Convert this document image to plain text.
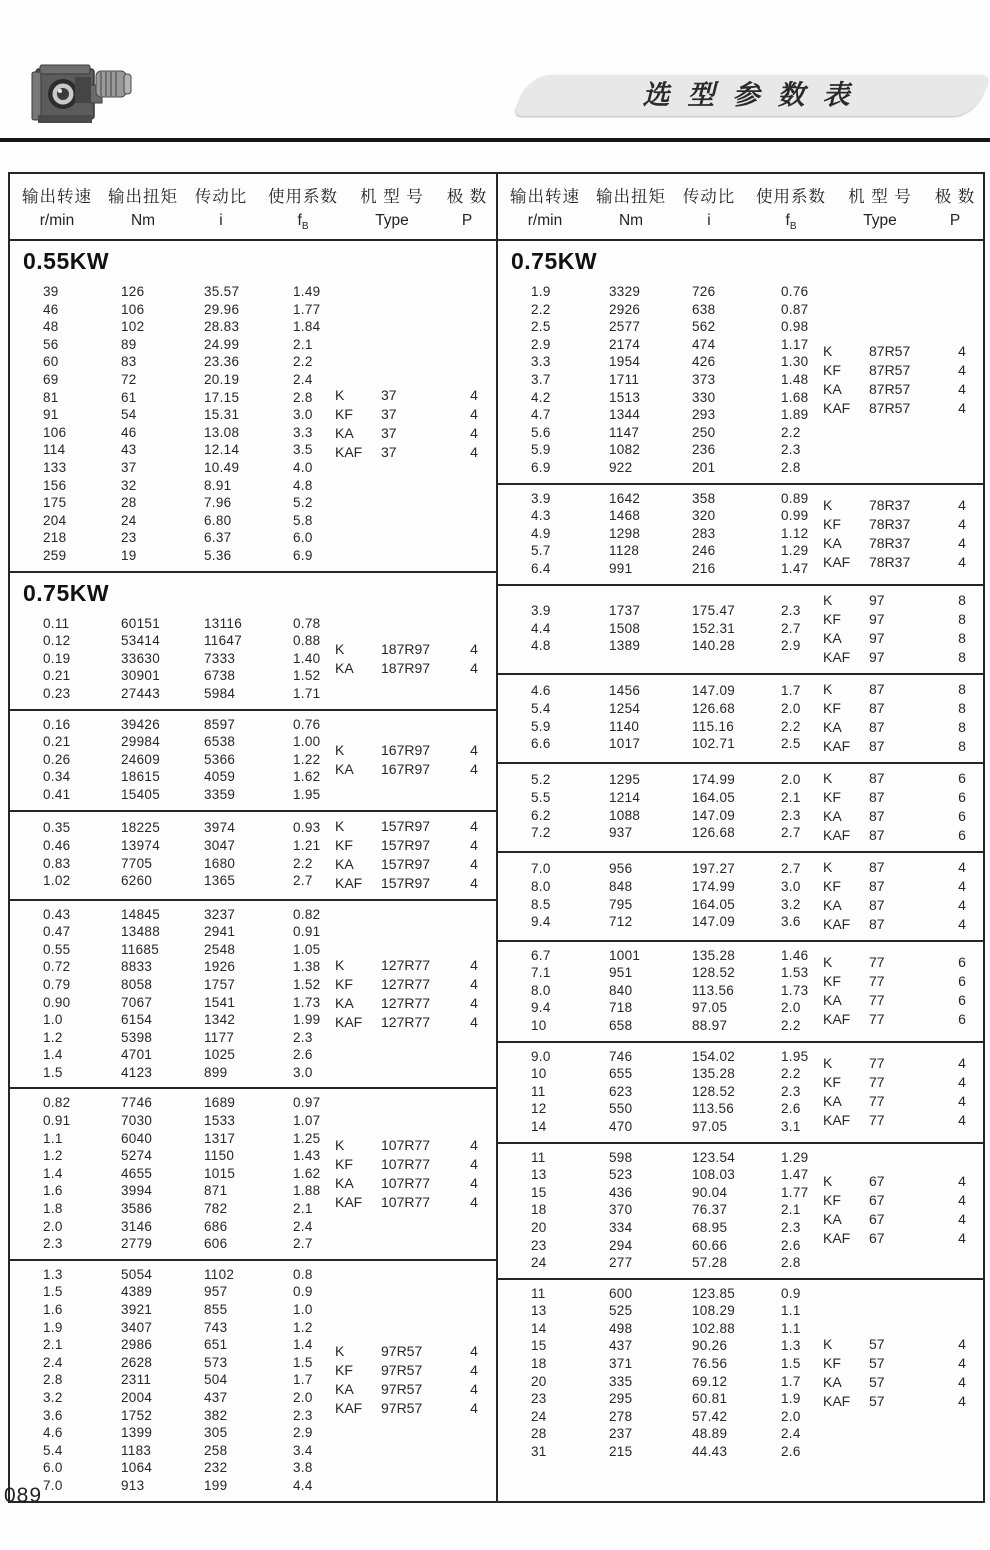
选型参数表
输出转速 输出扭矩	传动比	使用系数	机 型 号	极 数
r/min	Nm	i	$f_B$	Type	P
0.55KW
39	126	35.57	1.49
46	106	29.96	1.77
48	102	28.83	1.84
56	89	24.99	2.1
60	83	23.36	2.2
69	72	20.19	2.4
81	61	17.15	2.8
91	54	15.31	3.0
106	46	13.08	3.3
114	43	12.14	3.5
133	37	10.49	4.0
156	32	8.91	4.8
175	28	7.96	5.2
204	24	6.80	5.8
218	23	6.37	6.0
259	19	5.36	6.9
K	37	4
KF	37	4
KA	37	4
KAF	37	4
0.75KW
0.11	60151	13116	0.78
0.12	53414	11647	0.88
0.19	33630	7333	1.40
0.21	30901	6738	1.52
0.23	27443	5984	1.71
K	187R97	4
KA	187R97	4
0.16	39426	8597	0.76
0.21	29984	6538	1.00
0.26	24609	5366	1.22
0.34	18615	4059	1.62
0.41	15405	3359	1.95
K	167R97	4
KA	167R97	4
0.35	18225	3974	0.93
0.46	13974	3047	1.21
0.83	7705	1680	2.2
1.02	6260	1365	2.7
K	157R97	4
KF	157R97	4
KA	157R97	4
KAF	157R97	4
0.43	14845	3237	0.82
0.47	13488	2941	0.91
0.55	11685	2548	1.05
0.72	8833	1926	1.38
0.79	8058	1757	1.52
0.90	7067	1541	1.73
1.0	6154	1342	1.99
1.2	5398	1177	2.3
1.4	4701	1025	2.6
1.5	4123	899	3.0
K	127R77	4
KF	127R77	4
KA	127R77	4
KAF	127R77	4
0.82	7746	1689	0.97
0.91	7030	1533	1.07
1.1	6040	1317	1.25
1.2	5274	1150	1.43
1.4	4655	1015	1.62
1.6	3994	871	1.88
1.8	3586	782	2.1
2.0	3146	686	2.4
2.3	2779	606	2.7
K	107R77	4
KF	107R77	4
KA	107R77	4
KAF	107R77	4
1.3	5054	1102	0.8
1.5	4389	957	0.9
1.6	3921	855	1.0
1.9	3407	743	1.2
2.1	2986	651	1.4
2.4	2628	573	1.5
2.8	2311	504	1.7
3.2	2004	437	2.0
3.6	1752	382	2.3
4.6	1399	305	2.9
5.4	1183	258	3.4
6.0	1064	232	3.8
7.0	913	199	4.4
K	97R57	4
KF	97R57	4
KA	97R57	4
KAF	97R57	4
输出转速 输出扭矩	传动比	使用系数	机 型 号	极 数
r/min	Nm	i	$f_B$	Type	P
0.75KW
1.9	3329	726	0.76
2.2	2926	638	0.87
2.5	2577	562	0.98
2.9	2174	474	1.17
3.3	1954	426	1.30
3.7	1711	373	1.48
4.2	1513	330	1.68
4.7	1344	293	1.89
5.6	1147	250	2.2
5.9	1082	236	2.3
6.9	922	201	2.8
K	87R57	4
KF	87R57	4
KA	87R57	4
KAF	87R57	4
3.9	1642	358	0.89
4.3	1468	320	0.99
4.9	1298	283	1.12
5.7	1128	246	1.29
6.4	991	216	1.47
K	78R37	4
KF	78R37	4
KA	78R37	4
KAF	78R37	4
3.9	1737	175.47	2.3
4.4	1508	152.31	2.7
4.8	1389	140.28	2.9
K	97	8
KF	97	8
KA	97	8
KAF	97	8
4.6	1456	147.09	1.7
5.4	1254	126.68	2.0
5.9	1140	115.16	2.2
6.6	1017	102.71	2.5
K	87	8
KF	87	8
KA	87	8
KAF	87	8
5.2	1295	174.99	2.0
5.5	1214	164.05	2.1
6.2	1088	147.09	2.3
7.2	937	126.68	2.7
K	87	6
KF	87	6
KA	87	6
KAF	87	6
7.0	956	197.27	2.7
8.0	848	174.99	3.0
8.5	795	164.05	3.2
9.4	712	147.09	3.6
K	87	4
KF	87	4
KA	87	4
KAF	87	4
6.7	1001	135.28	1.46
7.1	951	128.52	1.53
8.0	840	113.56	1.73
9.4	718	97.05	2.0
10	658	88.97	2.2
K	77	6
KF	77	6
KA	77	6
KAF	77	6
9.0	746	154.02	1.95
10	655	135.28	2.2
11	623	128.52	2.3
12	550	113.56	2.6
14	470	97.05	3.1
K	77	4
KF	77	4
KA	77	4
KAF	77	4
11	598	123.54	1.29
13	523	108.03	1.47
15	436	90.04	1.77
18	370	76.37	2.1
20	334	68.95	2.3
23	294	60.66	2.6
24	277	57.28	2.8
K	67	4
KF	67	4
KA	67	4
KAF	67	4
11	600	123.85	0.9
13	525	108.29	1.1
14	498	102.88	1.1
15	437	90.26	1.3
18	371	76.56	1.5
20	335	69.12	1.7
23	295	60.81	1.9
24	278	57.42	2.0
28	237	48.89	2.4
31	215	44.43	2.6
K	57	4
KF	57	4
KA	57	4
KAF	57	4
089
